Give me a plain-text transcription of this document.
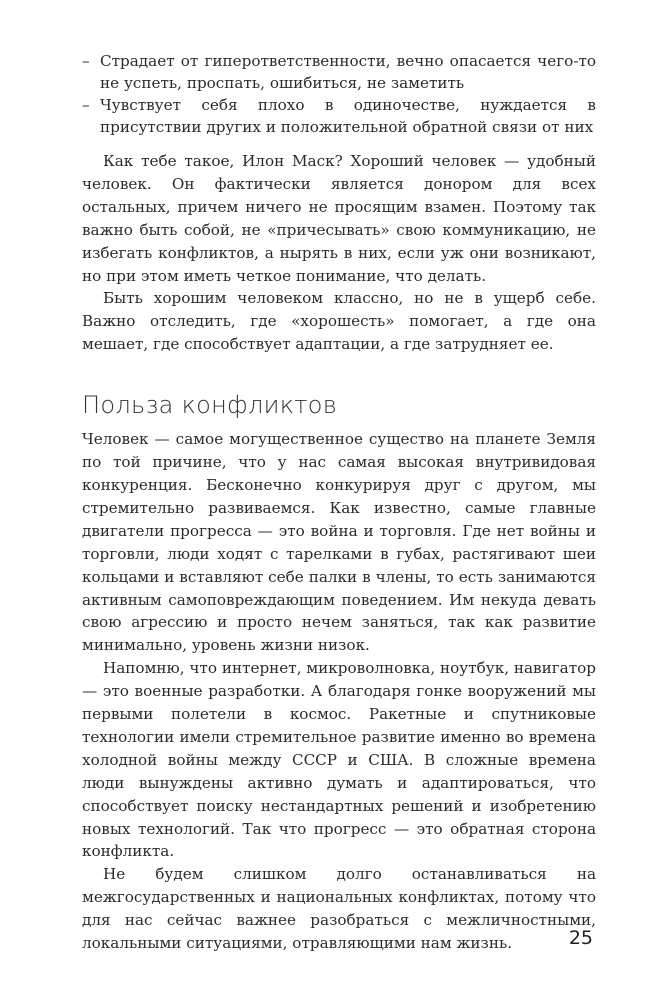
– Страдает от гиперответственности, вечно опасается чего-то не успеть, проспать, ошибиться, не заметить
– Чувствует себя плохо в одиночестве, нуждается в присутствии других и положительной обратной связи от них

Как тебе такое, Илон Маск? Хороший человек — удобный человек. Он фактически является донором для всех остальных, причем ничего не просящим взамен. Поэтому так важно быть собой, не «причесывать» свою коммуникацию, не избегать конфликтов, а нырять в них, если уж они возникают, но при этом иметь четкое понимание, что делать.

Быть хорошим человеком классно, но не в ущерб себе. Важно отследить, где «хорошесть» помогает, а где она мешает, где способствует адаптации, а где затрудняет ее.

Польза конфликтов

Человек — самое могущественное существо на планете Земля по той причине, что у нас самая высокая внутривидовая конкуренция. Бесконечно конкурируя друг с другом, мы стремительно развиваемся. Как известно, самые главные двигатели прогресса — это война и торговля. Где нет войны и торговли, люди ходят с тарелками в губах, растягивают шеи кольцами и вставляют себе палки в члены, то есть занимаются активным самоповреждающим поведением. Им некуда девать свою агрессию и просто нечем заняться, так как развитие минимально, уровень жизни низок.

Напомню, что интернет, микроволновка, ноутбук, навигатор — это военные разработки. А благодаря гонке вооружений мы первыми полетели в космос. Ракетные и спутниковые технологии имели стремительное развитие именно во времена холодной войны между СССР и США. В сложные времена люди вынуждены активно думать и адаптироваться, что способствует поиску нестандартных решений и изобретению новых технологий. Так что прогресс — это обратная сторона конфликта.

Не будем слишком долго останавливаться на межгосударственных и национальных конфликтах, потому что для нас сейчас важнее разобраться с межличностными, локальными ситуациями, отравляющими нам жизнь.	25
